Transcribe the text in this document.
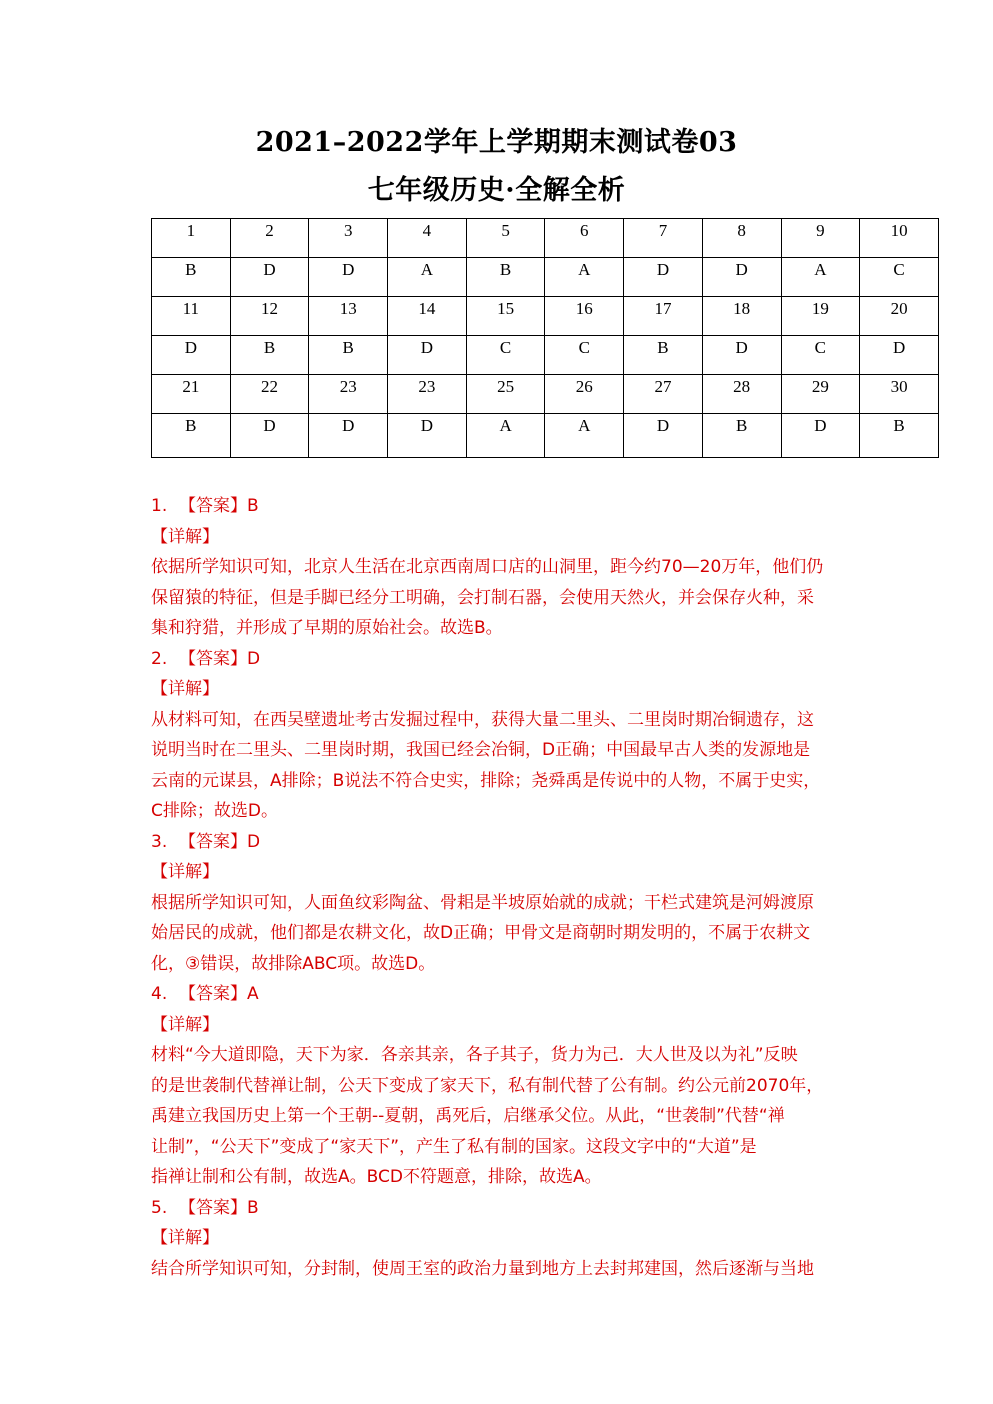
2021–2022学年上学期期末测试卷03
七年级历史·全解全析
1	2	3	4	5	6	7	8	9	10
B	D	D	A	B	A	D	D	A	C
11	12	13	14	15	16	17	18	19	20
D	B	B	D	C	C	B	D	C	D
21	22	23	23	25	26	27	28	29	30
B	D	D	D	A	A	D	B	D	B
1. 【答案】B
【详解】
依据所学知识可知，北京人生活在北京西南周口店的山洞里，距今约70—20万年，他们仍
保留猿的特征，但是手脚已经分工明确，会打制石器，会使用天然火，并会保存火种，采
集和狩猎，并形成了早期的原始社会。故选B。
2. 【答案】D
【详解】
从材料可知，在西吴壁遗址考古发掘过程中，获得大量二里头、二里岗时期冶铜遗存，这
说明当时在二里头、二里岗时期，我国已经会冶铜，D正确；中国最早古人类的发源地是
云南的元谋县，A排除；B说法不符合史实，排除；尧舜禹是传说中的人物，不属于史实，
C排除；故选D。
3. 【答案】D
【详解】
根据所学知识可知，人面鱼纹彩陶盆、骨耜是半坡原始就的成就；干栏式建筑是河姆渡原
始居民的成就，他们都是农耕文化，故D正确；甲骨文是商朝时期发明的，不属于农耕文
化，③错误，故排除ABC项。故选D。
4. 【答案】A
【详解】
材料“今大道即隐，天下为家．各亲其亲，各子其子，货力为己．大人世及以为礼”反映
的是世袭制代替禅让制，公天下变成了家天下，私有制代替了公有制。约公元前2070年，
禹建立我国历史上第一个王朝--夏朝，禹死后，启继承父位。从此，“世袭制”代替“禅
让制”，“公天下”变成了“家天下”，产生了私有制的国家。这段文字中的“大道”是
指禅让制和公有制，故选A。BCD不符题意，排除，故选A。
5. 【答案】B
【详解】
结合所学知识可知，分封制，使周王室的政治力量到地方上去封邦建国，然后逐渐与当地
